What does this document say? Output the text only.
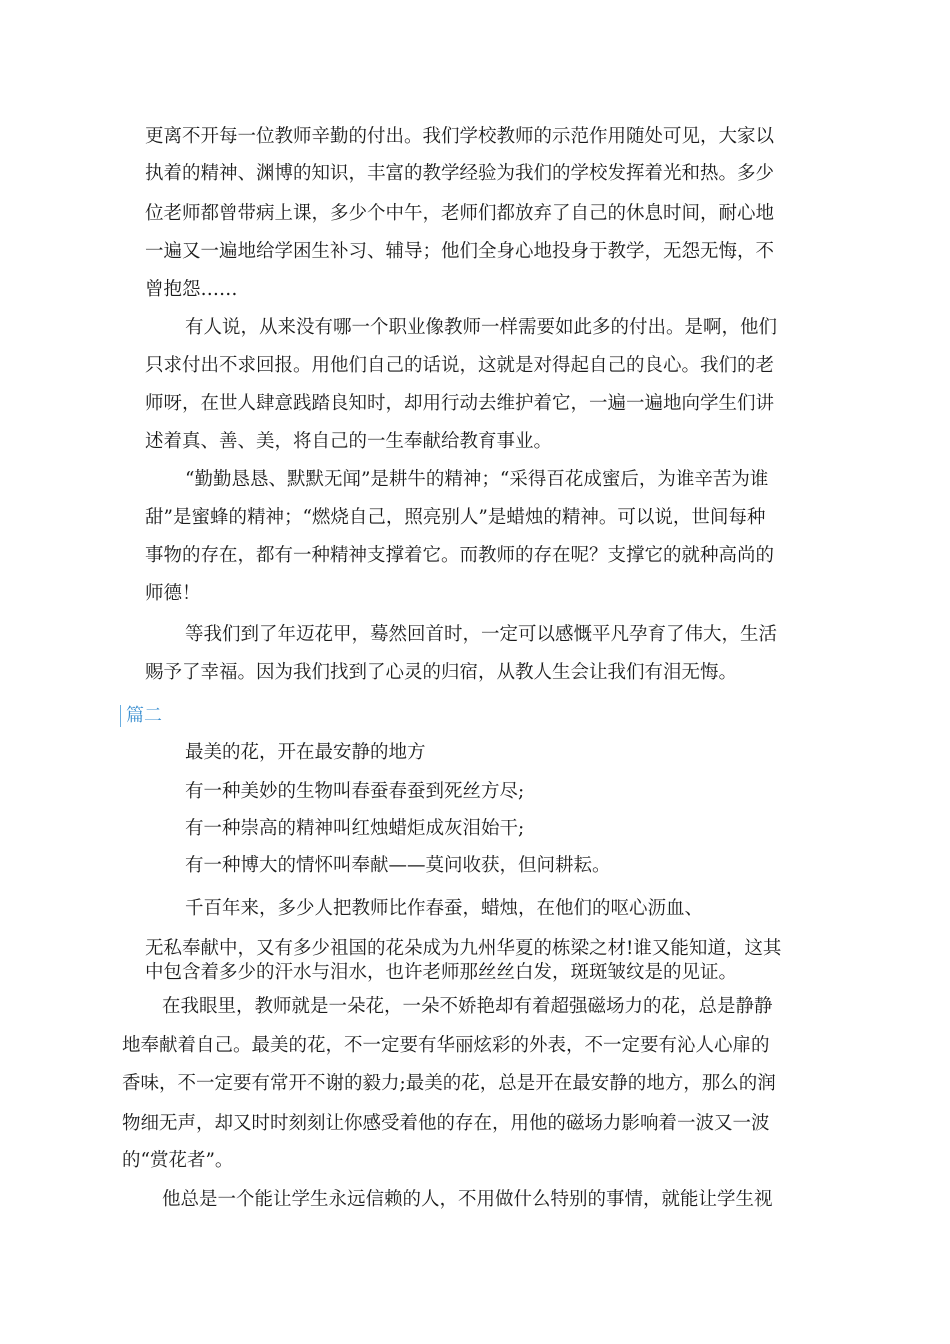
更离不开每一位教师辛勤的付出。我们学校教师的示范作用随处可见，大家以
执着的精神、渊博的知识，丰富的教学经验为我们的学校发挥着光和热。多少
位老师都曾带病上课，多少个中午，老师们都放弃了自己的休息时间，耐心地
一遍又一遍地给学困生补习、辅导；他们全身心地投身于教学，无怨无悔，不
曾抱怨……
有人说，从来没有哪一个职业像教师一样需要如此多的付出。是啊，他们
只求付出不求回报。用他们自己的话说，这就是对得起自己的良心。我们的老
师呀，在世人肆意践踏良知时，却用行动去维护着它，一遍一遍地向学生们讲
述着真、善、美，将自己的一生奉献给教育事业。
“勤勤恳恳、默默无闻”是耕牛的精神；“采得百花成蜜后，为谁辛苦为谁
甜”是蜜蜂的精神；“燃烧自己，照亮别人”是蜡烛的精神。可以说，世间每种
事物的存在，都有一种精神支撑着它。而教师的存在呢？支撑它的就种高尚的
师德！
等我们到了年迈花甲，蓦然回首时，一定可以感慨平凡孕育了伟大，生活
赐予了幸福。因为我们找到了心灵的归宿，从教人生会让我们有泪无悔。
篇二
最美的花，开在最安静的地方
有一种美妙的生物叫春蚕春蚕到死丝方尽;
有一种崇高的精神叫红烛蜡炬成灰泪始干;
有一种博大的情怀叫奉献——莫问收获，但问耕耘。
千百年来，多少人把教师比作春蚕，蜡烛，在他们的呕心沥血、
无私奉献中，又有多少祖国的花朵成为九州华夏的栋梁之材!谁又能知道，这其
中包含着多少的汗水与泪水，也许老师那丝丝白发，斑斑皱纹是的见证。
在我眼里，教师就是一朵花，一朵不娇艳却有着超强磁场力的花，总是静静
地奉献着自己。最美的花，不一定要有华丽炫彩的外表，不一定要有沁人心扉的
香味，不一定要有常开不谢的毅力;最美的花，总是开在最安静的地方，那么的润
物细无声，却又时时刻刻让你感受着他的存在，用他的磁场力影响着一波又一波
的“赏花者”。
他总是一个能让学生永远信赖的人，不用做什么特别的事情，就能让学生视
